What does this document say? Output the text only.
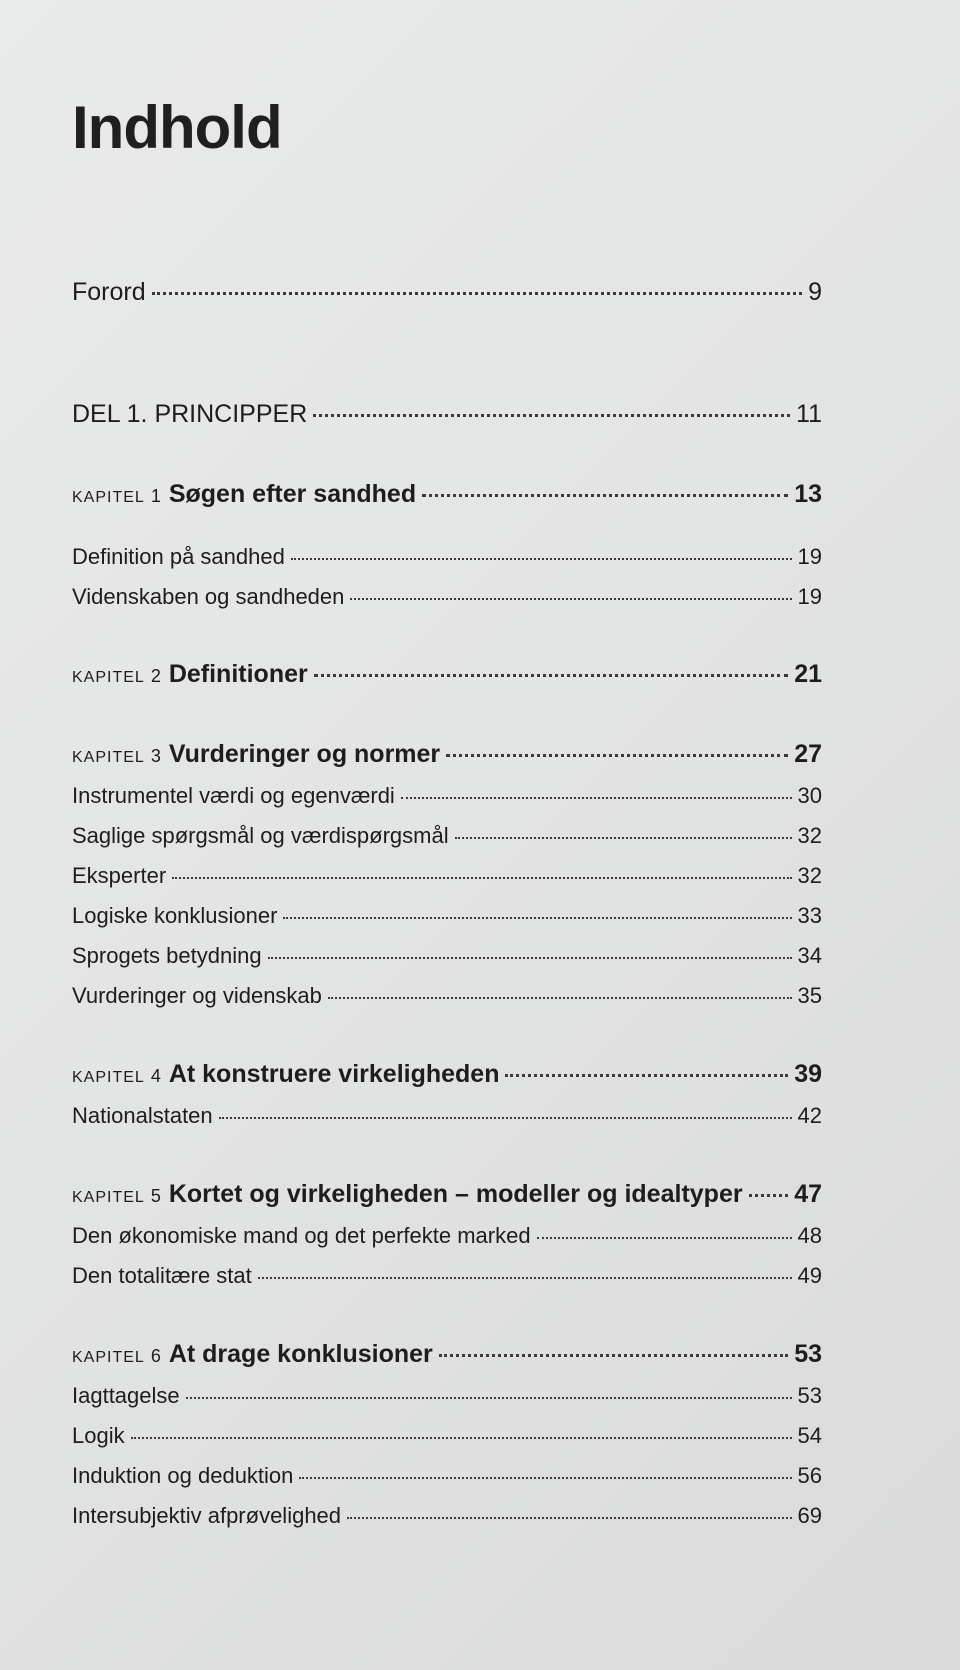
Indhold
Forord	9
DEL 1. PRINCIPPER	11
KAPITEL 1 Søgen efter sandhed	13
Definition på sandhed	19
Videnskaben og sandheden	19
KAPITEL 2 Definitioner	21
KAPITEL 3 Vurderinger og normer	27
Instrumentel værdi og egenværdi	30
Saglige spørgsmål og værdispørgsmål	32
Eksperter	32
Logiske konklusioner	33
Sprogets betydning	34
Vurderinger og videnskab	35
KAPITEL 4 At konstruere virkeligheden	39
Nationalstaten	42
KAPITEL 5 Kortet og virkeligheden – modeller og idealtyper 47
Den økonomiske mand og det perfekte marked	48
Den totalitære stat	49
KAPITEL 6 At drage konklusioner	53
Iagttagelse	53
Logik	54
Induktion og deduktion	56
Intersubjektiv afprøvelighed	69
